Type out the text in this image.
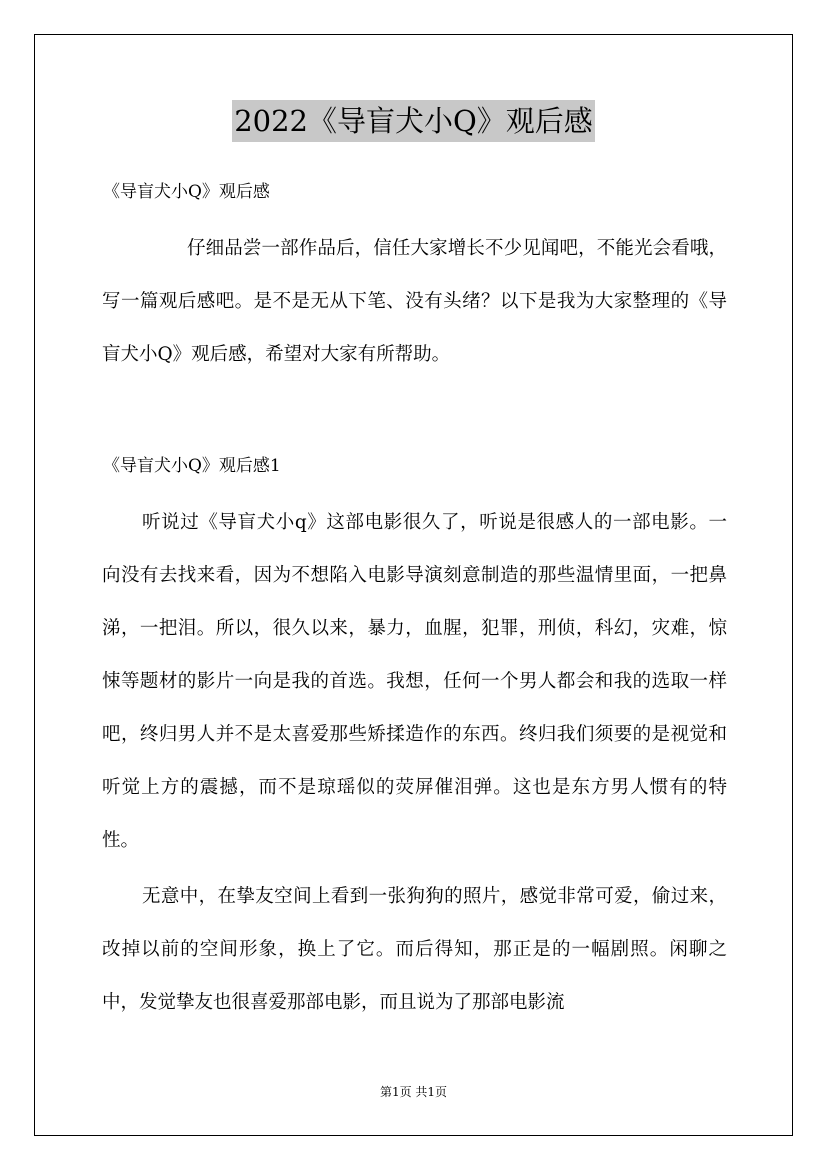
2022《导盲犬小Q》观后感
《导盲犬小Q》观后感

仔细品尝一部作品后，信任大家增长不少见闻吧，不能光会看哦，写一篇观后感吧。是不是无从下笔、没有头绪？以下是我为大家整理的《导盲犬小Q》观后感，希望对大家有所帮助。

《导盲犬小Q》观后感1

听说过《导盲犬小q》这部电影很久了，听说是很感人的一部电影。一向没有去找来看，因为不想陷入电影导演刻意制造的那些温情里面，一把鼻涕，一把泪。所以，很久以来，暴力，血腥，犯罪，刑侦，科幻，灾难，惊悚等题材的影片一向是我的首选。我想，任何一个男人都会和我的选取一样吧，终归男人并不是太喜爱那些矫揉造作的东西。终归我们须要的是视觉和听觉上方的震撼，而不是琼瑶似的荧屏催泪弹。这也是东方男人惯有的特性。

无意中，在挚友空间上看到一张狗狗的照片，感觉非常可爱，偷过来，改掉以前的空间形象，换上了它。而后得知，那正是的一幅剧照。闲聊之中，发觉挚友也很喜爱那部电影，而且说为了那部电影流

第1页 共1页
